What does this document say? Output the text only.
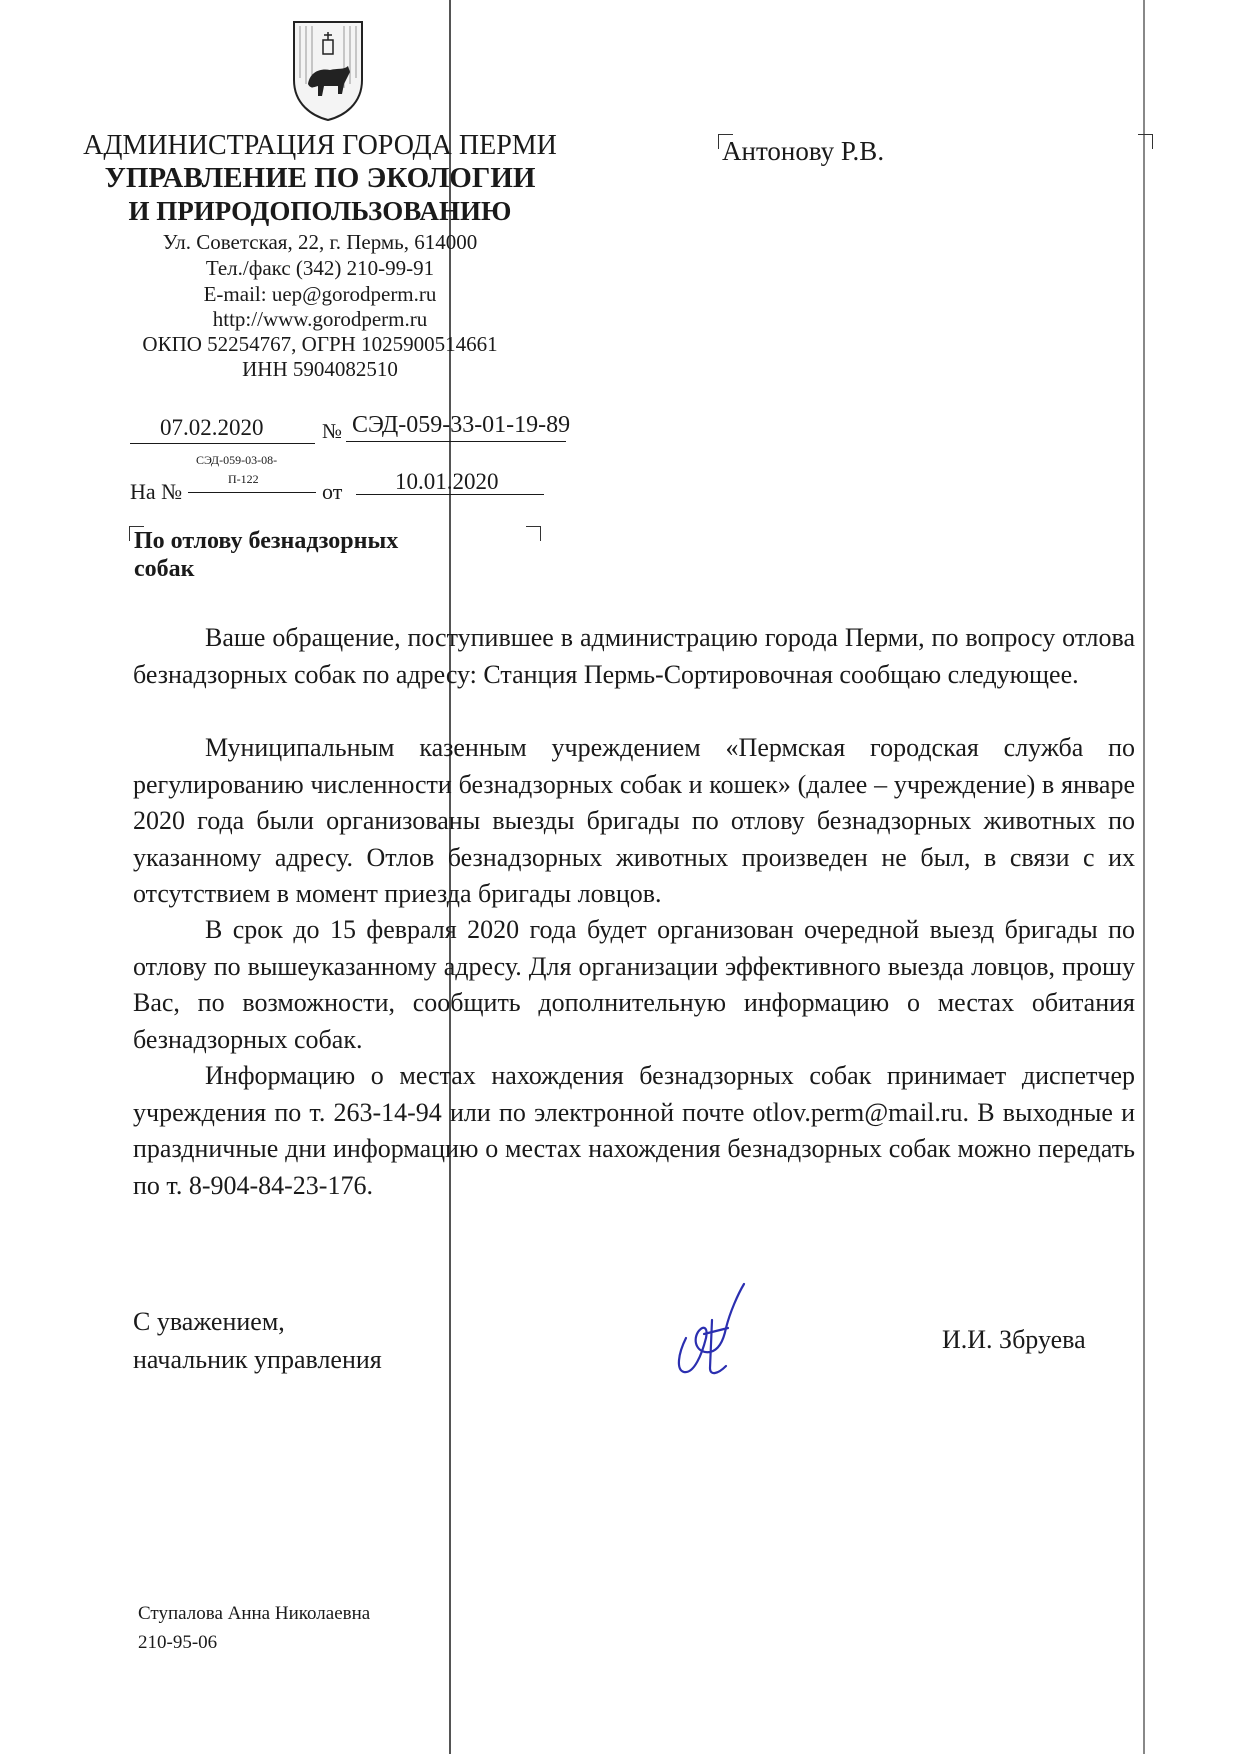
АДМИНИСТРАЦИЯ ГОРОДА ПЕРМИ
УПРАВЛЕНИЕ ПО ЭКОЛОГИИ
И ПРИРОДОПОЛЬЗОВАНИЮ
Ул. Советская, 22, г. Пермь, 614000
Тел./факс (342) 210-99-91
E-mail: uep@gorodperm.ru
http://www.gorodperm.ru
ОКПО 52254767, ОГРН 1025900514661
ИНН 5904082510
Антонову Р.В.
07.02.2020	№ СЭД-059-33-01-19-89
СЭД-059-03-08-
На №	П-122	от 10.01.2020
По отлову безнадзорных
собак

Ваше обращение, поступившее в администрацию города Перми, по вопросу отлова безнадзорных собак по адресу: Станция Пермь-Сортировочная сообщаю следующее.

Муниципальным казенным учреждением «Пермская городская служба по регулированию численности безнадзорных собак и кошек» (далее – учреждение) в январе 2020 года были организованы выезды бригады по отлову безнадзорных животных по указанному адресу. Отлов безнадзорных животных произведен не был, в связи с их отсутствием в момент приезда бригады ловцов.

В срок до 15 февраля 2020 года будет организован очередной выезд бригады по отлову по вышеуказанному адресу. Для организации эффективного выезда ловцов, прошу Вас, по возможности, сообщить дополнительную информацию о местах обитания безнадзорных собак.

Информацию о местах нахождения безнадзорных собак принимает диспетчер учреждения по т. 263-14-94 или по электронной почте otlov.perm@mail.ru. В выходные и праздничные дни информацию о местах нахождения безнадзорных собак можно передать по т. 8-904-84-23-176.

С уважением,
начальник управления
И.И. Збруева
Ступалова Анна Николаевна
210-95-06
